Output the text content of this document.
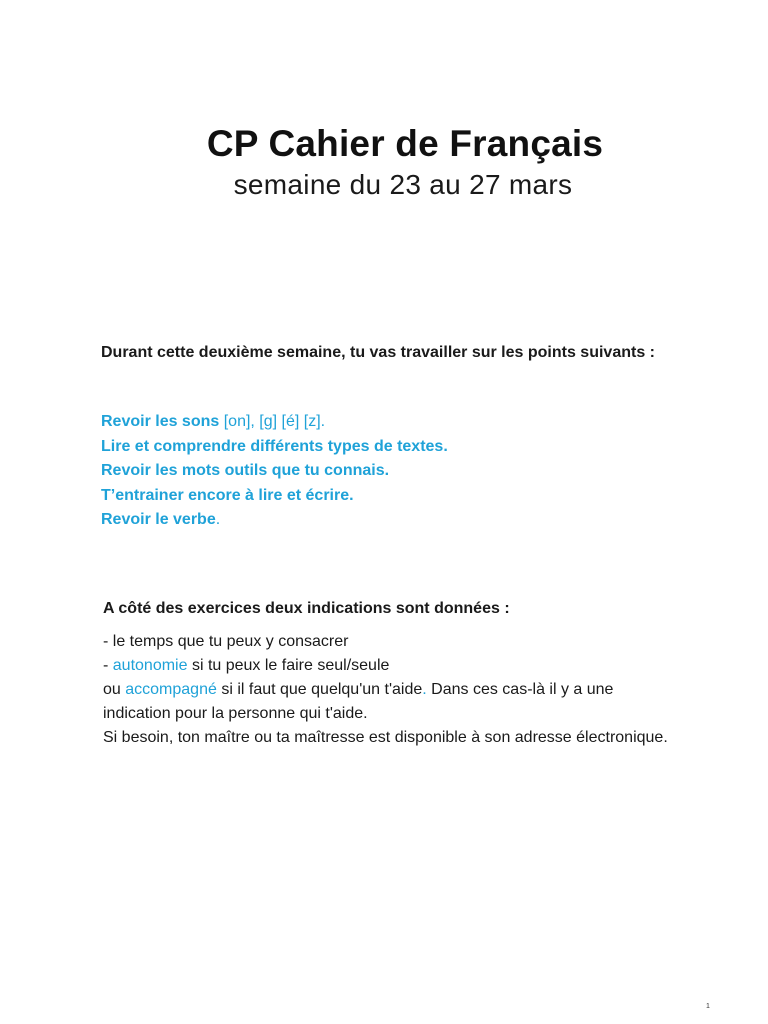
CP Cahier de Français
semaine du 23 au 27 mars

Durant cette deuxième semaine, tu vas travailler sur les points suivants :

Revoir les sons [on], [g] [é] [z].
Lire et comprendre différents types de textes.
Revoir les mots outils que tu connais.
T’entrainer encore à lire et écrire.
Revoir le verbe.

A côté des exercices deux indications sont données :

- le temps que tu peux y consacrer
- autonomie si tu peux le faire seul/seule
ou accompagné si il faut que quelqu'un t'aide. Dans ces cas-là il y a une indication pour la personne qui t'aide.
Si besoin, ton maître ou ta maîtresse est disponible à son adresse électronique.
1
